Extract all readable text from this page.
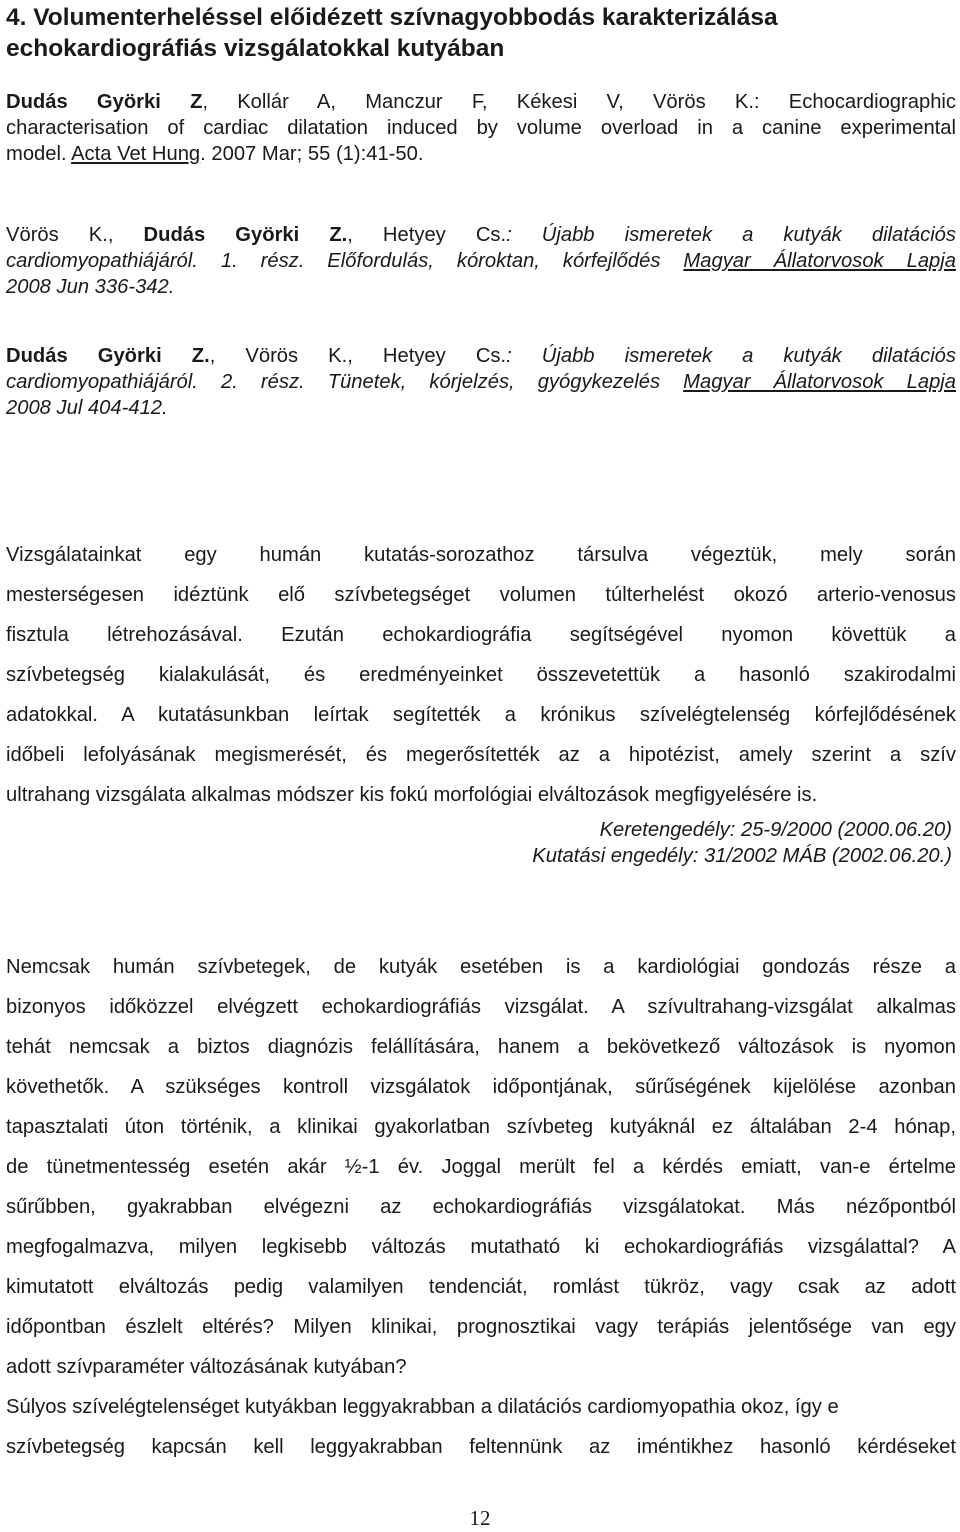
4. Volumenterheléssel előidézett szívnagyobbodás karakterizálása
echokardiográfiás vizsgálatokkal kutyában
Dudás Györki Z, Kollár A, Manczur F, Kékesi V, Vörös K.: Echocardiographic
characterisation of cardiac dilatation induced by volume overload in a canine experimental
model. Acta Vet Hung. 2007 Mar; 55 (1):41-50.
Vörös K., Dudás Györki Z., Hetyey Cs.: Újabb ismeretek a kutyák dilatációs
cardiomyopathiájáról. 1. rész. Előfordulás, kóroktan, kórfejlődés Magyar Állatorvosok Lapja
2008 Jun 336-342.
Dudás Györki Z., Vörös K., Hetyey Cs.: Újabb ismeretek a kutyák dilatációs
cardiomyopathiájáról. 2. rész. Tünetek, kórjelzés, gyógykezelés Magyar Állatorvosok Lapja
2008 Jul 404-412.
Vizsgálatainkat egy humán kutatás-sorozathoz társulva végeztük, mely során
mesterségesen idéztünk elő szívbetegséget volumen túlterhelést okozó arterio-venosus
fisztula létrehozásával. Ezután echokardiográfia segítségével nyomon követtük a
szívbetegség kialakulását, és eredményeinket összevetettük a hasonló szakirodalmi
adatokkal. A kutatásunkban leírtak segítették a krónikus szívelégtelenség kórfejlődésének
időbeli lefolyásának megismerését, és megerősítették az a hipotézist, amely szerint a szív
ultrahang vizsgálata alkalmas módszer kis fokú morfológiai elváltozások megfigyelésére is.
Keretengedély: 25-9/2000 (2000.06.20)
Kutatási engedély: 31/2002 MÁB (2002.06.20.)
Nemcsak humán szívbetegek, de kutyák esetében is a kardiológiai gondozás része a
bizonyos időközzel elvégzett echokardiográfiás vizsgálat. A szívultrahang-vizsgálat alkalmas
tehát nemcsak a biztos diagnózis felállítására, hanem a bekövetkező változások is nyomon
követhetők. A szükséges kontroll vizsgálatok időpontjának, sűrűségének kijelölése azonban
tapasztalati úton történik, a klinikai gyakorlatban szívbeteg kutyáknál ez általában 2-4 hónap,
de tünetmentesség esetén akár ½-1 év. Joggal merült fel a kérdés emiatt, van-e értelme
sűrűbben, gyakrabban elvégezni az echokardiográfiás vizsgálatokat. Más nézőpontból
megfogalmazva, milyen legkisebb változás mutatható ki echokardiográfiás vizsgálattal? A
kimutatott elváltozás pedig valamilyen tendenciát, romlást tükröz, vagy csak az adott
időpontban észlelt eltérés? Milyen klinikai, prognosztikai vagy terápiás jelentősége van egy
adott szívparaméter változásának kutyában?
Súlyos szívelégtelenséget kutyákban leggyakrabban a dilatációs cardiomyopathia okoz, így e
szívbetegség kapcsán kell leggyakrabban feltennünk az iméntikhez hasonló kérdéseket
12
